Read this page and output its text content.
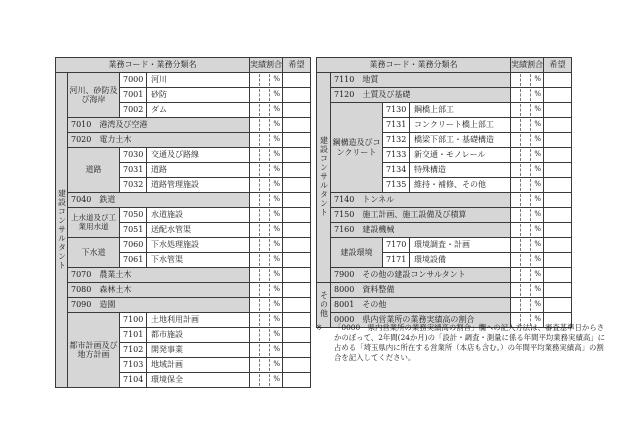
業務コード・業務分類名				実績割合	希望
建設コンサルタント	河川、砂防及び海岸	7000	河川	%	

		7001	砂防	%	

		7002	ダム	%	

	7010　港湾及び空港			%	

	7020　電力土木			%	

	道路	7030	交通及び路線	%	

		7031	道路	%	

		7032	道路管理施設	%	

	7040　鉄道			%	

	上水道及び工業用水道	7050	水道施設	%	

		7051	送配水管渠	%	

	下水道	7060	下水処理施設	%	

		7061	下水管渠	%	

	7070　農業土木			%	

	7080　森林土木			%	

	7090　造園			%	

	都市計画及び地方計画	7100	土地利用計画	%	

		7101	都市施設	%	

		7102	開発事業	%	

		7103	地域計画	%	

		7104	環境保全	%	

業務コード・業務分類名				実績割合	希望
建設コンサルタント	7110　地質			%	

	7120　土質及び基礎			%	

	鋼構造及びコンクリート	7130	鋼橋上部工	%	

		7131	コンクリート橋上部工	%	

		7132	橋梁下部工・基礎構造	%	

		7133	新交通・モノレール	%	

		7134	特殊構造	%	

		7135	維持・補修、その他	%	

	7140　トンネル			%	

	7150　施工計画、施工設備及び積算			%	

	7160　建設機械			%	

	建設環境	7170	環境調査・計画	%	

		7171	環境設備	%	

	7900　その他の建設コンサルタント			%	

その他	8000　資料整備			%	

	8001　その他			%	

	0000　県内営業所の業務実績高の割合			%	

※ 「0000　県内営業所の業務実績高の割合」欄への記入方法は、審査基準日からさかのぼって、2年間(24か月)の「設計・調査・測量に係る年間平均業務実績高」に占める「埼玉県内に所在する営業所（本店も含む。）の年間平均業務実績高」の割合を記入してください。
